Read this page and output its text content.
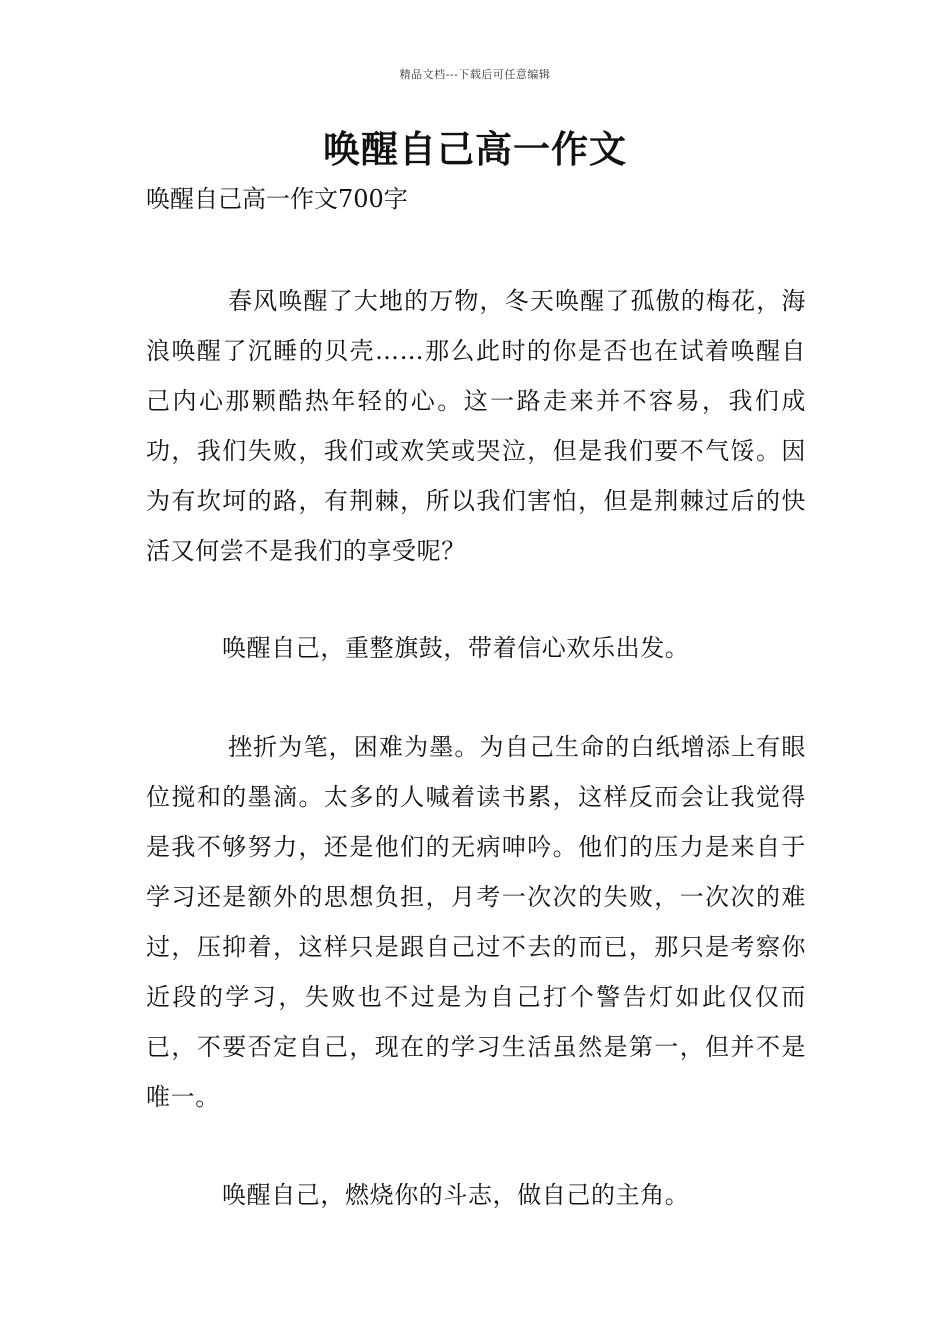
精品文档---下载后可任意编辑
唤醒自己高一作文

唤醒自己高一作文700字

春风唤醒了大地的万物，冬天唤醒了孤傲的梅花，海浪唤醒了沉睡的贝壳……那么此时的你是否也在试着唤醒自己内心那颗酷热年轻的心。这一路走来并不容易，我们成功，我们失败，我们或欢笑或哭泣，但是我们要不气馁。因为有坎坷的路，有荆棘，所以我们害怕，但是荆棘过后的快活又何尝不是我们的享受呢？

唤醒自己，重整旗鼓，带着信心欢乐出发。

挫折为笔，困难为墨。为自己生命的白纸增添上有眼位搅和的墨滴。太多的人喊着读书累，这样反而会让我觉得是我不够努力，还是他们的无病呻吟。他们的压力是来自于学习还是额外的思想负担，月考一次次的失败，一次次的难过，压抑着，这样只是跟自己过不去的而已，那只是考察你近段的学习，失败也不过是为自己打个警告灯如此仅仅而已，不要否定自己，现在的学习生活虽然是第一，但并不是唯一。

唤醒自己，燃烧你的斗志，做自己的主角。
